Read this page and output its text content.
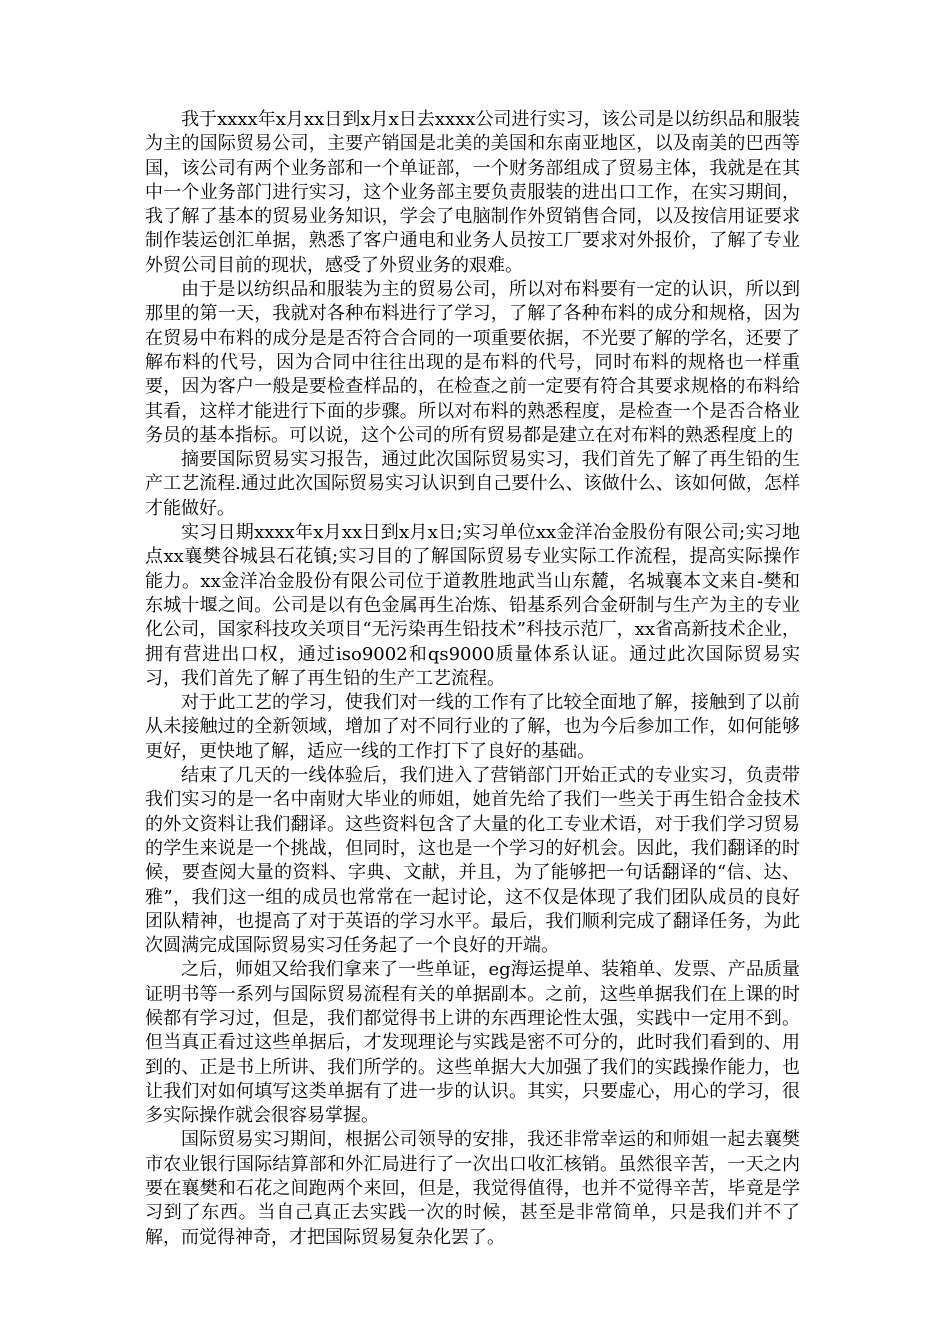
我于xxxx年x月xx日到x月x日去xxxx公司进行实习，该公司是以纺织品和服装为主的国际贸易公司，主要产销国是北美的美国和东南亚地区，以及南美的巴西等国，该公司有两个业务部和一个单证部，一个财务部组成了贸易主体，我就是在其中一个业务部门进行实习，这个业务部主要负责服装的进出口工作，在实习期间，我了解了基本的贸易业务知识，学会了电脑制作外贸销售合同，以及按信用证要求制作装运创汇单据，熟悉了客户通电和业务人员按工厂要求对外报价，了解了专业外贸公司目前的现状，感受了外贸业务的艰难。

由于是以纺织品和服装为主的贸易公司，所以对布料要有一定的认识，所以到那里的第一天，我就对各种布料进行了学习，了解了各种布料的成分和规格，因为在贸易中布料的成分是是否符合合同的一项重要依据，不光要了解的学名，还要了解布料的代号，因为合同中往往出现的是布料的代号，同时布料的规格也一样重要，因为客户一般是要检查样品的，在检查之前一定要有符合其要求规格的布料给其看，这样才能进行下面的步骤。所以对布料的熟悉程度，是检查一个是否合格业务员的基本指标。可以说，这个公司的所有贸易都是建立在对布料的熟悉程度上的

摘要国际贸易实习报告，通过此次国际贸易实习，我们首先了解了再生铅的生产工艺流程.通过此次国际贸易实习认识到自己要什么、该做什么、该如何做，怎样才能做好。

实习日期xxxx年x月xx日到x月x日;实习单位xx金洋冶金股份有限公司;实习地点xx襄樊谷城县石花镇;实习目的了解国际贸易专业实际工作流程，提高实际操作能力。xx金洋冶金股份有限公司位于道教胜地武当山东麓，名城襄本文来自-樊和东城十堰之间。公司是以有色金属再生冶炼、铅基系列合金研制与生产为主的专业化公司，国家科技攻关项目“无污染再生铅技术”科技示范厂，xx省高新技术企业，拥有营进出口权，通过iso9002和qs9000质量体系认证。通过此次国际贸易实习，我们首先了解了再生铅的生产工艺流程。

对于此工艺的学习，使我们对一线的工作有了比较全面地了解，接触到了以前从未接触过的全新领域，增加了对不同行业的了解，也为今后参加工作，如何能够更好，更快地了解，适应一线的工作打下了良好的基础。

结束了几天的一线体验后，我们进入了营销部门开始正式的专业实习，负责带我们实习的是一名中南财大毕业的师姐，她首先给了我们一些关于再生铅合金技术的外文资料让我们翻译。这些资料包含了大量的化工专业术语，对于我们学习贸易的学生来说是一个挑战，但同时，这也是一个学习的好机会。因此，我们翻译的时候，要查阅大量的资料、字典、文献，并且，为了能够把一句话翻译的“信、达、雅”，我们这一组的成员也常常在一起讨论，这不仅是体现了我们团队成员的良好团队精神，也提高了对于英语的学习水平。最后，我们顺利完成了翻译任务，为此次圆满完成国际贸易实习任务起了一个良好的开端。

之后，师姐又给我们拿来了一些单证，eg海运提单、装箱单、发票、产品质量证明书等一系列与国际贸易流程有关的单据副本。之前，这些单据我们在上课的时候都有学习过，但是，我们都觉得书上讲的东西理论性太强，实践中一定用不到。但当真正看过这些单据后，才发现理论与实践是密不可分的，此时我们看到的、用到的、正是书上所讲、我们所学的。这些单据大大加强了我们的实践操作能力，也让我们对如何填写这类单据有了进一步的认识。其实，只要虚心，用心的学习，很多实际操作就会很容易掌握。

国际贸易实习期间，根据公司领导的安排，我还非常幸运的和师姐一起去襄樊市农业银行国际结算部和外汇局进行了一次出口收汇核销。虽然很辛苦，一天之内要在襄樊和石花之间跑两个来回，但是，我觉得值得，也并不觉得辛苦，毕竟是学习到了东西。当自己真正去实践一次的时候，甚至是非常简单，只是我们并不了解，而觉得神奇，才把国际贸易复杂化罢了。
